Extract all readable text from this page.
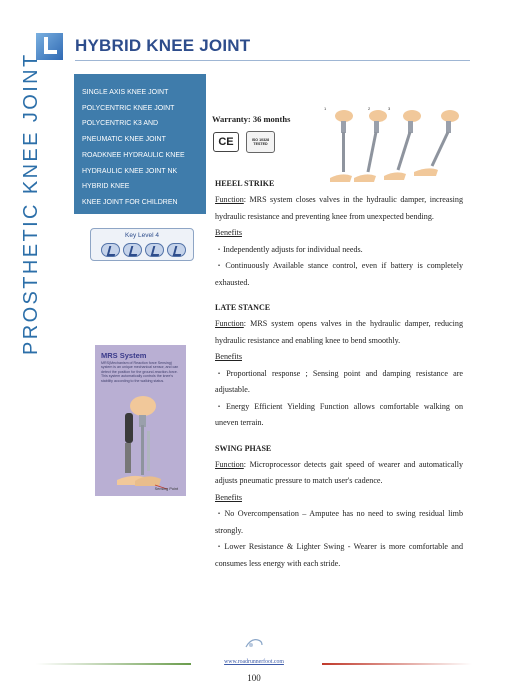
HYBRID KNEE JOINT
PROSTHETIC KNEE JOINT	SINGLE AXIS KNEE JOINT
POLYCENTRIC KNEE JOINT
POLYCENTRIC K3 AND
PNEUMATIC KNEE JOINT
ROADKNEE HYDRAULIC KNEE
HYDRAULIC KNEE JOINT NK
HYBRID KNEE
KNEE JOINT FOR CHILDREN
Key Level 4
MRS System
MRS(Mechanism of Reaction force Sensing) system is an unique mechanical sensor, and can detect the position for the ground-reaction-force. This system automatically controls the knee's stability according to the walking status.
Sensing Point
Warranty: 36 months
CE	ISO 10328 TESTED
1	2	3
HEEEL STRIKE

Function: MRS system closes valves in the hydraulic damper, increasing hydraulic resistance and preventing knee from unexpected bending.

Benefits

・Independently adjusts for individual needs.

・Continuously Available stance control, even if battery is completely exhausted.

LATE STANCE

Function: MRS system opens valves in the hydraulic damper, reducing hydraulic resistance and enabling knee to bend smoothly.

Benefits

・Proportional response ; Sensing point and damping resistance are adjustable.

・Energy Efficient Yielding Function allows comfortable walking on uneven terrain.

SWING PHASE

Function: Microprocessor detects gait speed of wearer and automatically adjusts pneumatic pressure to match user's cadence.

Benefits

・No Overcompensation – Amputee has no need to swing residual limb strongly.

・Lower Resistance & Lighter Swing - Wearer is more comfortable and consumes less energy with each stride.

www.roadrunnerfoot.com
100
